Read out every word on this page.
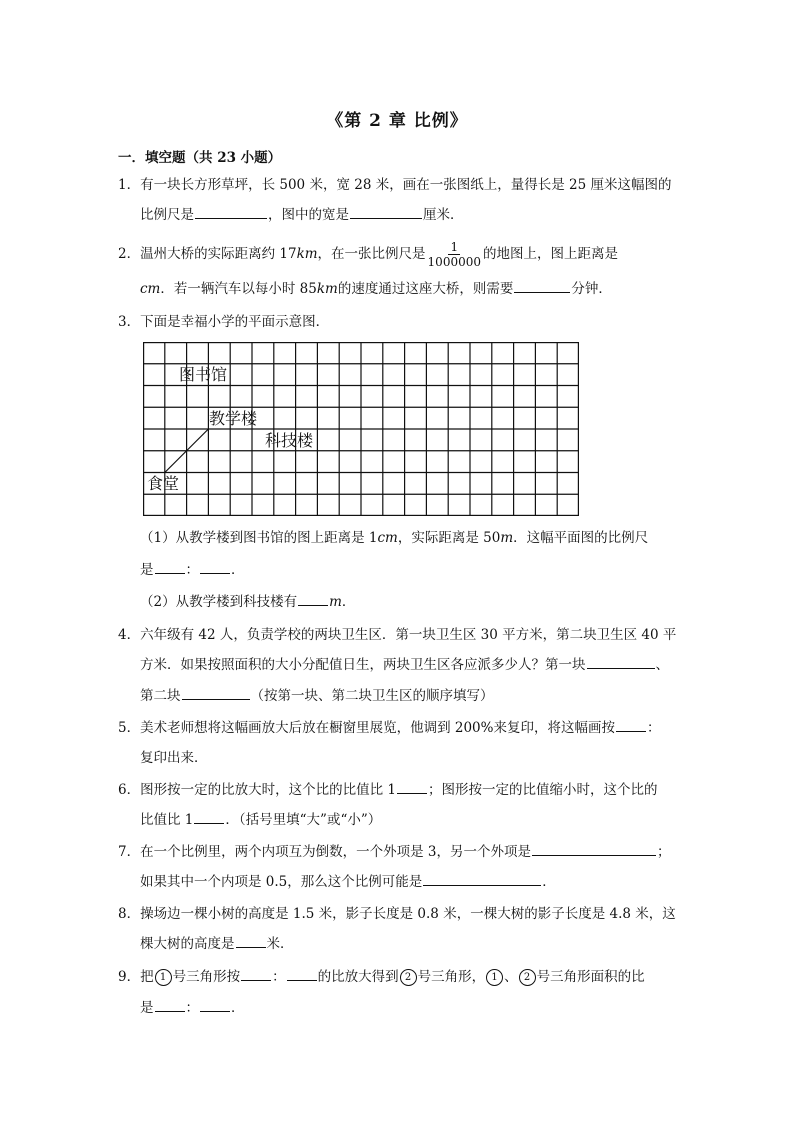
《第 2 章 比例》
一．填空题（共 23 小题）
1．有一块长方形草坪，长 500 米，宽 28 米，画在一张图纸上，量得长是 25 厘米这幅图的
比例尺是	，图中的宽是	厘米．
2．温州大桥的实际距离约 17km，在一张比例尺是 $\frac{1}{1000000}$ 的地图上，图上距离是
cm．若一辆汽车以每小时 85km的速度通过这座大桥，则需要	分钟．
3．下面是幸福小学的平面示意图．
图书馆
教学楼
科技楼
食堂
（1）从教学楼到图书馆的图上距离是 1cm，实际距离是 50m．这幅平面图的比例尺
是 ： ．
（2）从教学楼到科技楼有 m．
4．六年级有 42 人，负责学校的两块卫生区．第一块卫生区 30 平方米，第二块卫生区 40 平
方米．如果按照面积的大小分配值日生，两块卫生区各应派多少人？第一块	、
第二块	（按第一块、第二块卫生区的顺序填写）
5．美术老师想将这幅画放大后放在橱窗里展览，他调到 200%来复印，将这幅画按 ：
复印出来．
6．图形按一定的比放大时，这个比的比值比 1 ；图形按一定的比值缩小时，这个比的
比值比 1 ．（括号里填“大”或“小”）
7．在一个比例里，两个内项互为倒数，一个外项是 3，另一个外项是	；
如果其中一个内项是 0.5，那么这个比例可能是	．
8．操场边一棵小树的高度是 1.5 米，影子长度是 0.8 米，一棵大树的影子长度是 4.8 米，这
棵大树的高度是 米．
9．把 1 号三角形按 ： 的比放大得到 2 号三角形， 1 、 2 号三角形面积的比
是 ： ．
